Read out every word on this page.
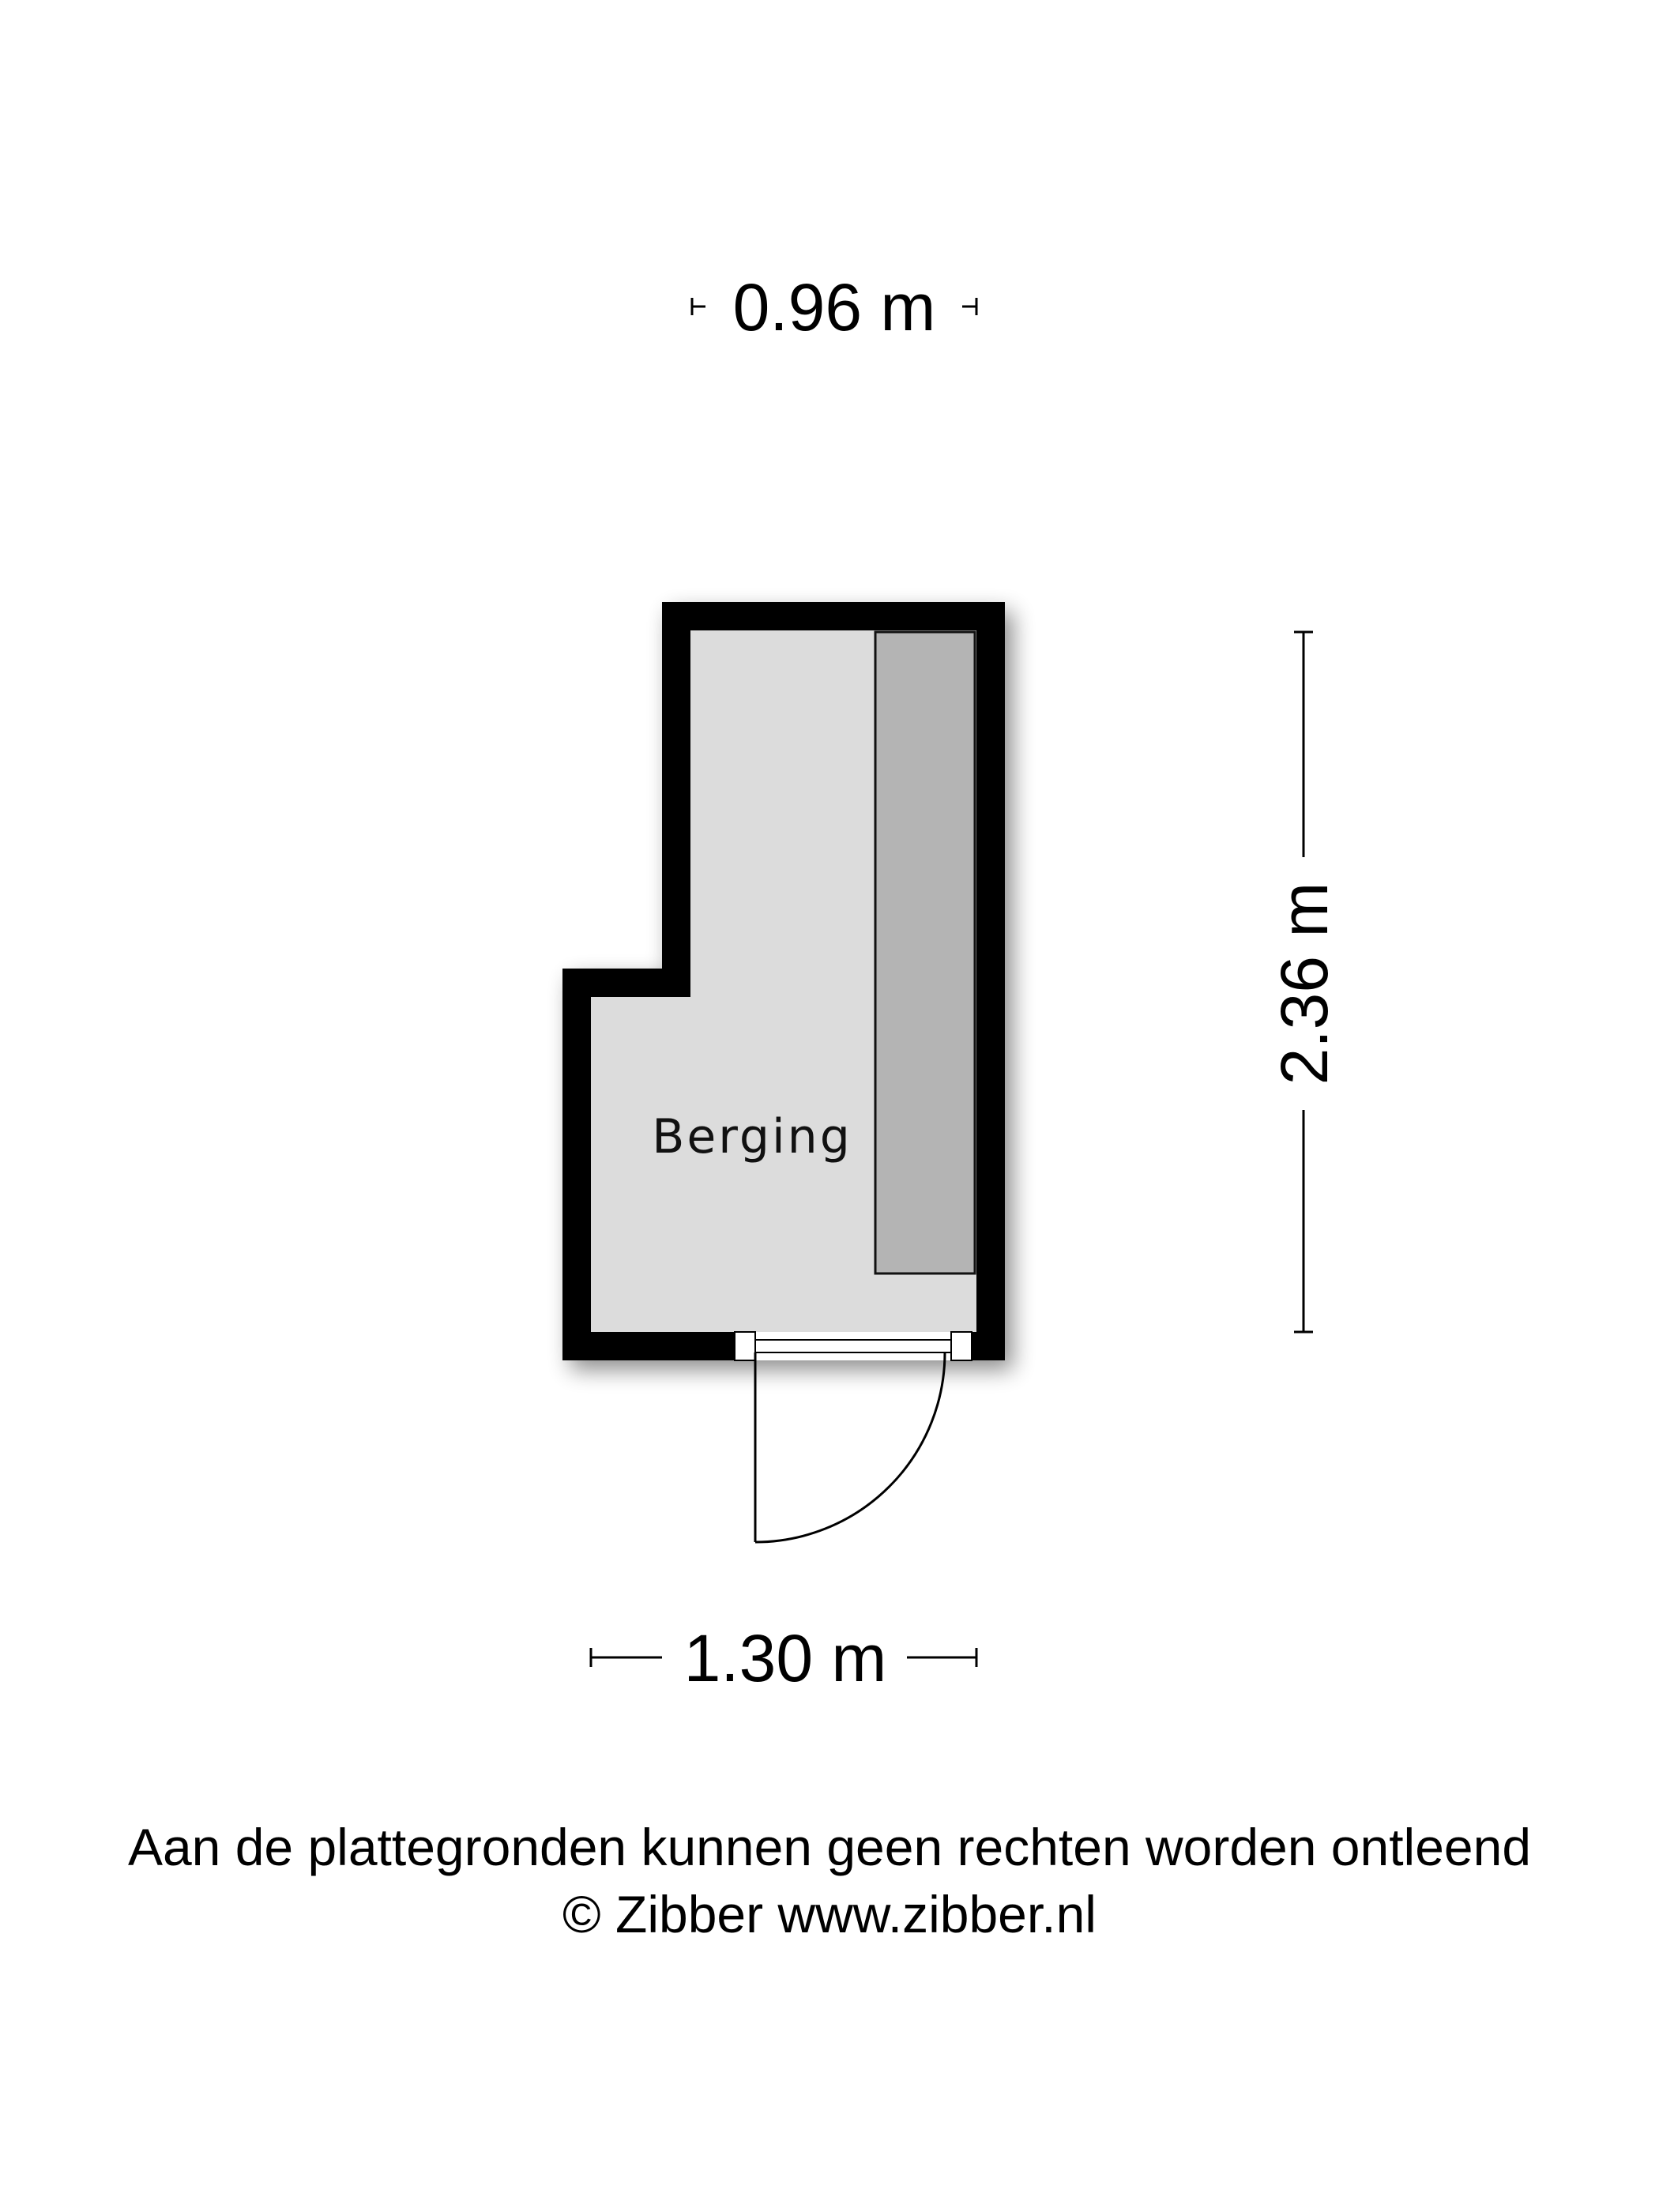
0.96 m
Berging
2.36 m
1.30 m
Aan de plattegronden kunnen geen rechten worden ontleend
© Zibber www.zibber.nl
